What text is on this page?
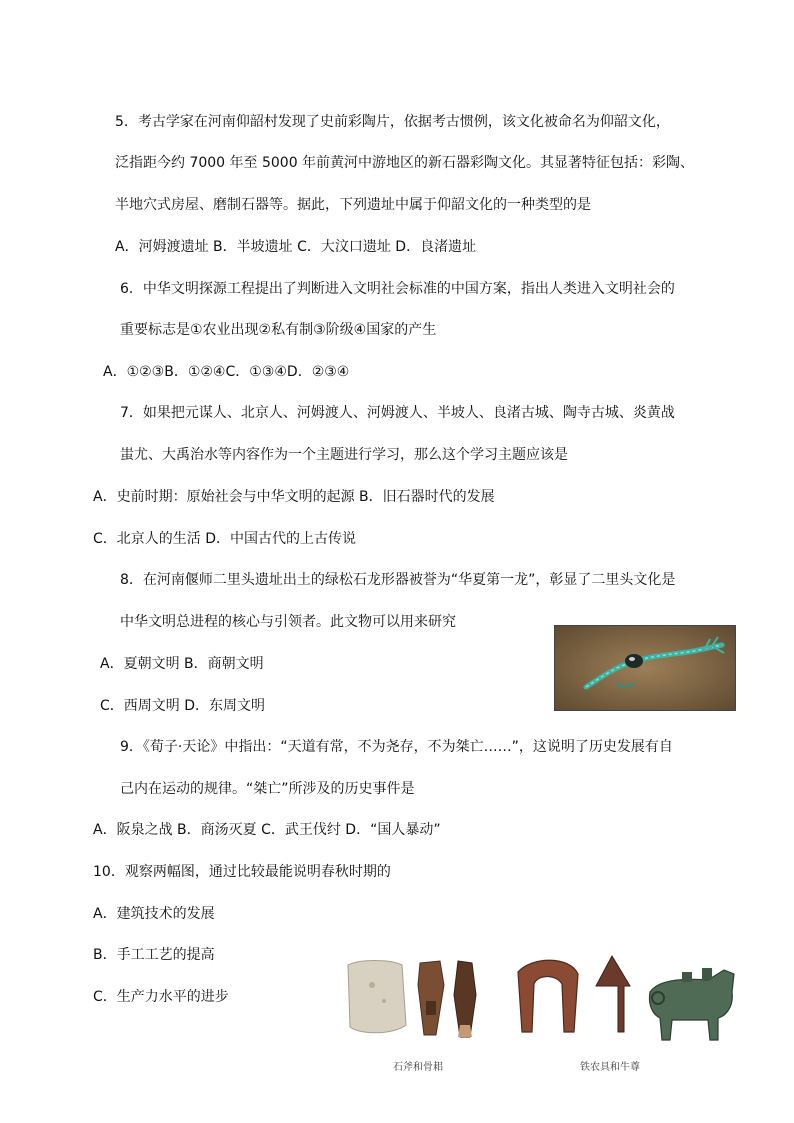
5．考古学家在河南仰韶村发现了史前彩陶片，依据考古惯例，该文化被命名为仰韶文化，
泛指距今约 7000 年至 5000 年前黄河中游地区的新石器彩陶文化。其显著特征包括：彩陶、
半地穴式房屋、磨制石器等。据此，下列遗址中属于仰韶文化的一种类型的是
A．河姆渡遗址 B．半坡遗址 C．大汶口遗址 D．良渚遗址
6．中华文明探源工程提出了判断进入文明社会标准的中国方案，指出人类进入文明社会的
重要标志是①农业出现②私有制③阶级④国家的产生
A．①②③B．①②④C．①③④D．②③④
7．如果把元谋人、北京人、河姆渡人、河姆渡人、半坡人、良渚古城、陶寺古城、炎黄战
蚩尤、大禹治水等内容作为一个主题进行学习，那么这个学习主题应该是
A．史前时期：原始社会与中华文明的起源 B．旧石器时代的发展
C．北京人的生活 D．中国古代的上古传说
8．在河南偃师二里头遗址出土的绿松石龙形器被誉为“华夏第一龙”，彰显了二里头文化是
中华文明总进程的核心与引领者。此文物可以用来研究
A．夏朝文明 B．商朝文明
C．西周文明 D．东周文明
9．《荀子·天论》中指出：“天道有常，不为尧存，不为桀亡……”，这说明了历史发展有自
己内在运动的规律。“桀亡”所涉及的历史事件是
A．阪泉之战 B．商汤灭夏 C．武王伐纣 D．“国人暴动”
10．观察两幅图，通过比较最能说明春秋时期的
A．建筑技术的发展
B．手工工艺的提高
C．生产力水平的进步
石斧和骨耜	铁农具和牛尊
